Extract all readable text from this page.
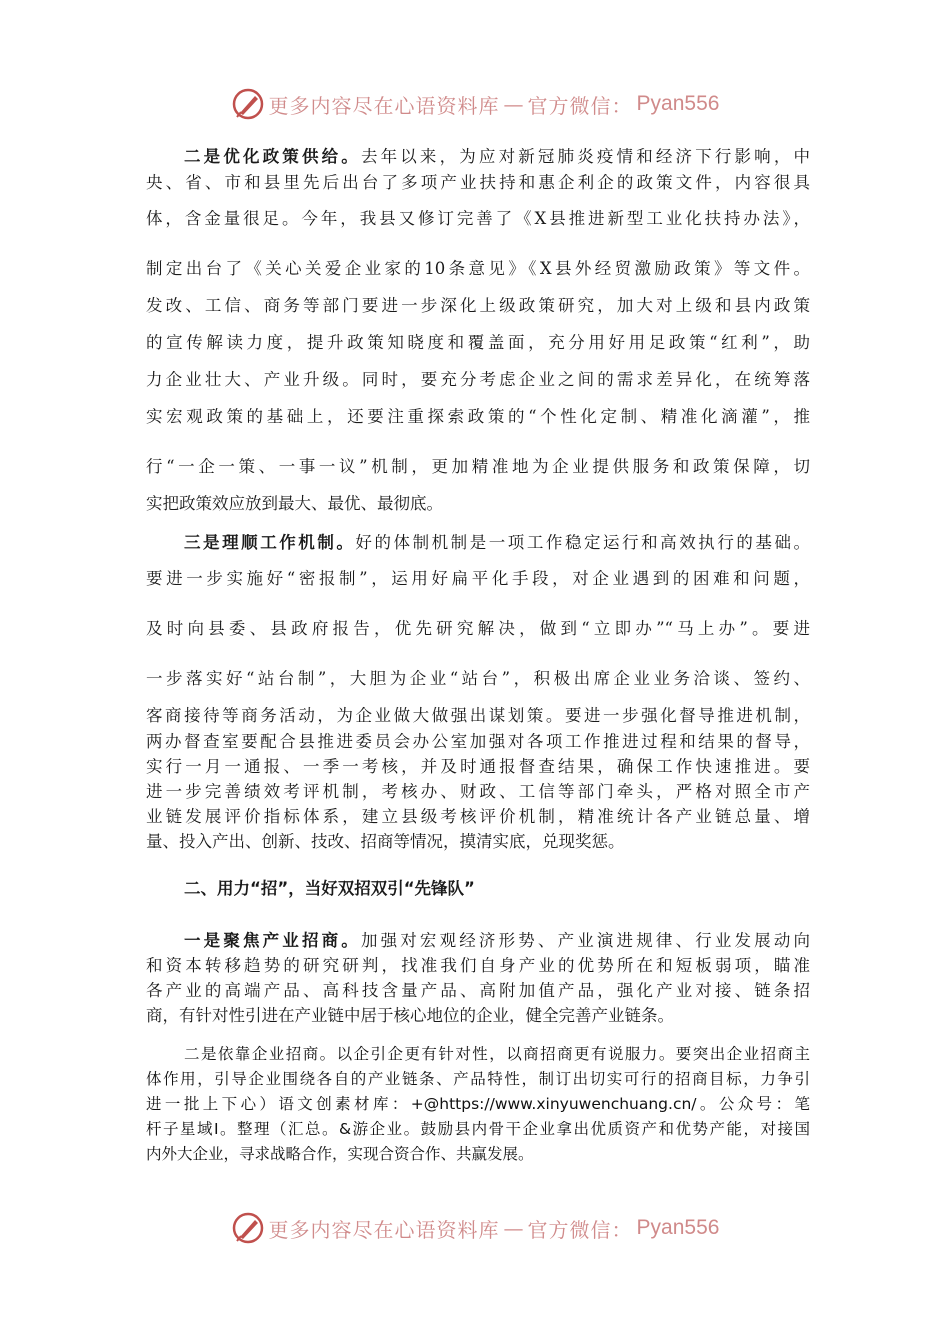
更多内容尽在心语资料库 — 官方微信： Pyan556
二是优化政策供给。去年以来，为应对新冠肺炎疫情和经济下行影响，中
央、省、市和县里先后出台了多项产业扶持和惠企利企的政策文件，内容很具
体，含金量很足。今年，我县又修订完善了《X县推进新型工业化扶持办法》，
制定出台了《关心关爱企业家的10条意见》《X县外经贸激励政策》等文件。
发改、工信、商务等部门要进一步深化上级政策研究，加大对上级和县内政策
的宣传解读力度，提升政策知晓度和覆盖面，充分用好用足政策“红利”，助
力企业壮大、产业升级。同时，要充分考虑企业之间的需求差异化，在统筹落
实宏观政策的基础上，还要注重探索政策的“个性化定制、精准化滴灌”，推
行“一企一策、一事一议”机制，更加精准地为企业提供服务和政策保障，切
实把政策效应放到最大、最优、最彻底。
三是理顺工作机制。好的体制机制是一项工作稳定运行和高效执行的基础。
要进一步实施好“密报制”，运用好扁平化手段，对企业遇到的困难和问题，
及时向县委、县政府报告，优先研究解决，做到“立即办”“马上办”。要进
一步落实好“站台制”，大胆为企业“站台”，积极出席企业业务洽谈、签约、
客商接待等商务活动，为企业做大做强出谋划策。要进一步强化督导推进机制，
两办督查室要配合县推进委员会办公室加强对各项工作推进过程和结果的督导，
实行一月一通报、一季一考核，并及时通报督查结果，确保工作快速推进。要
进一步完善绩效考评机制，考核办、财政、工信等部门牵头，严格对照全市产
业链发展评价指标体系，建立县级考核评价机制，精准统计各产业链总量、增
量、投入产出、创新、技改、招商等情况，摸清实底，兑现奖惩。
二、用力“招”，当好双招双引“先锋队”
一是聚焦产业招商。加强对宏观经济形势、产业演进规律、行业发展动向
和资本转移趋势的研究研判，找准我们自身产业的优势所在和短板弱项，瞄准
各产业的高端产品、高科技含量产品、高附加值产品，强化产业对接、链条招
商，有针对性引进在产业链中居于核心地位的企业，健全完善产业链条。
二是依靠企业招商。以企引企更有针对性，以商招商更有说服力。要突出企业招商主
体作用，引导企业围绕各自的产业链条、产品特性，制订出切实可行的招商目标，力争引
进一批上下心）语文创素材库：+@https://www.xinyuwenchuang.cn/。公众号：笔
杆子星域Ⅰ。整理（汇总。&游企业。鼓励县内骨干企业拿出优质资产和优势产能，对接国
内外大企业，寻求战略合作，实现合资合作、共赢发展。
更多内容尽在心语资料库 — 官方微信： Pyan556
